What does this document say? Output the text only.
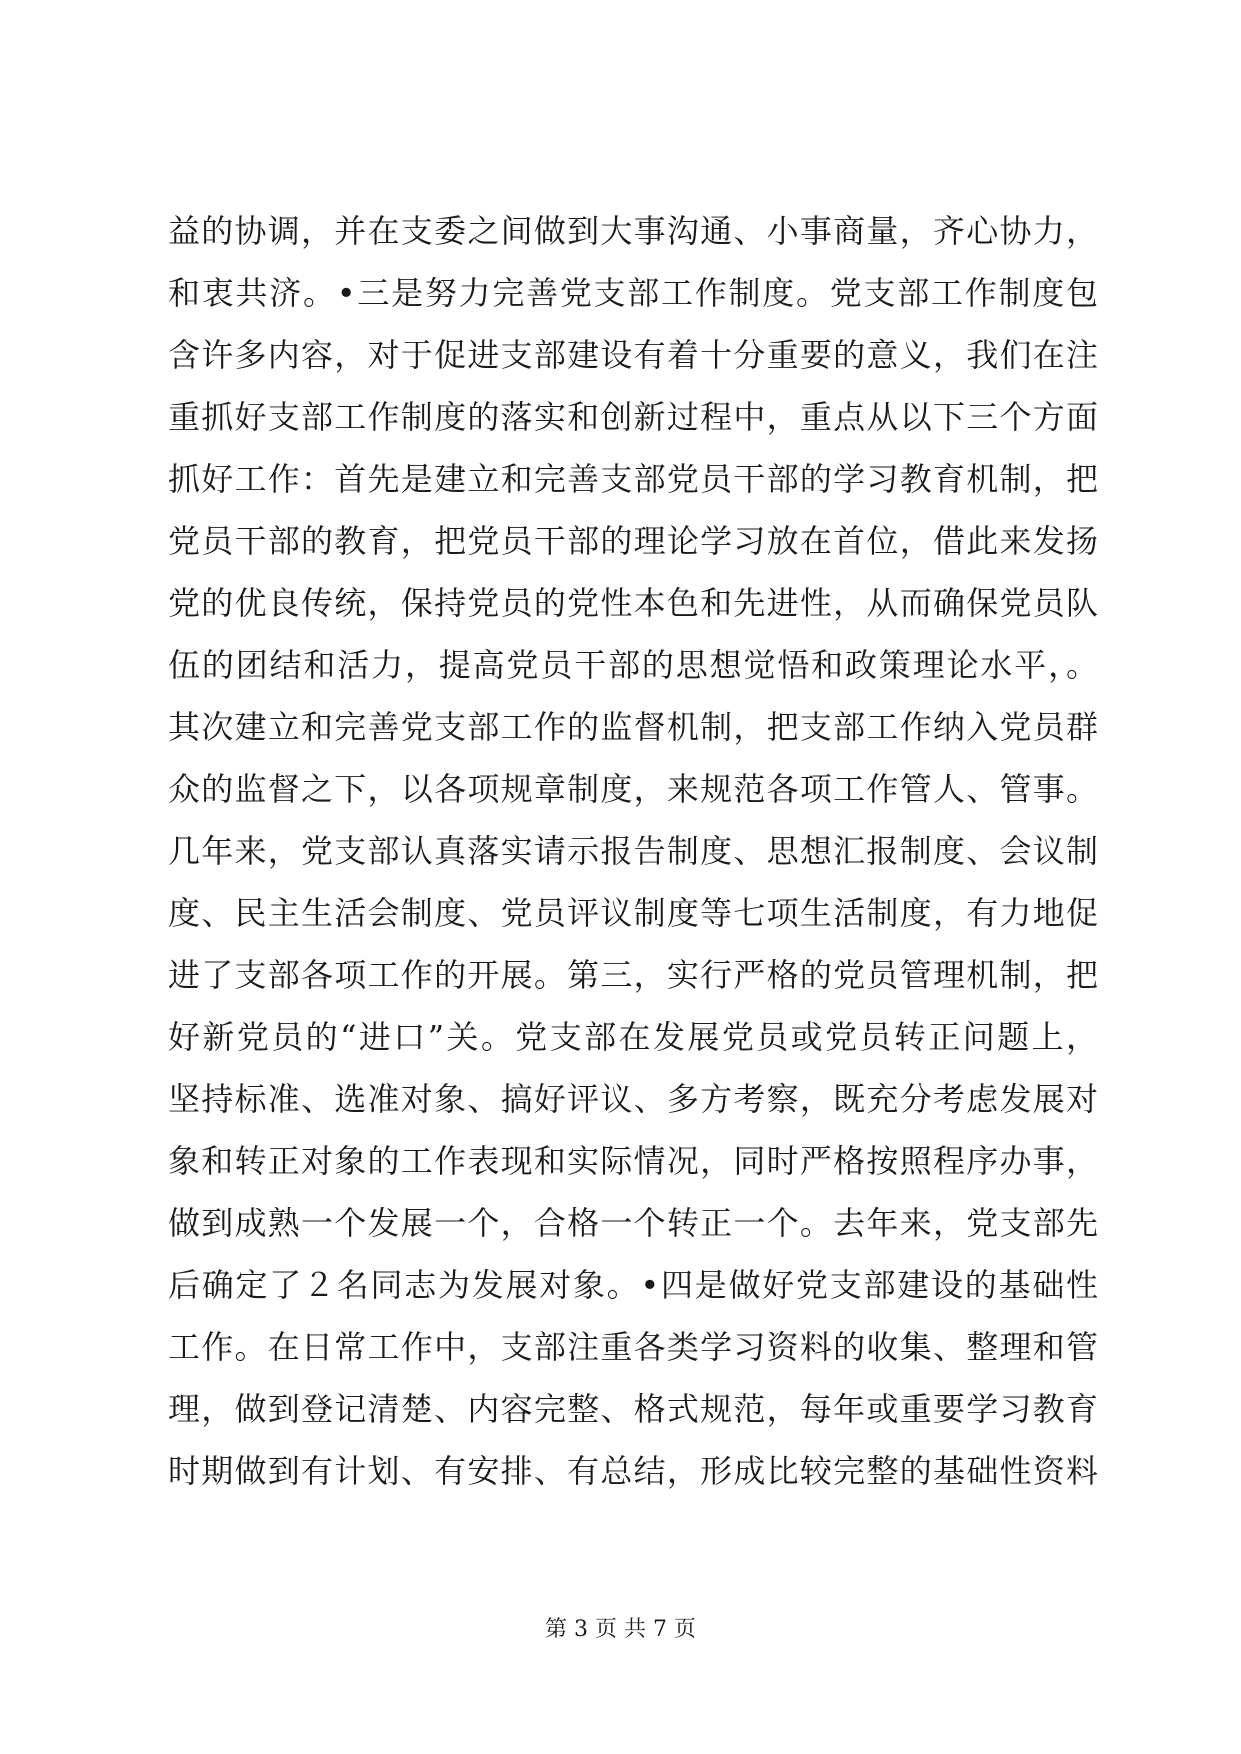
益的协调，并在支委之间做到大事沟通、小事商量，齐心协力，
和衷共济。•三是努力完善党支部工作制度。党支部工作制度包
含许多内容，对于促进支部建设有着十分重要的意义，我们在注
重抓好支部工作制度的落实和创新过程中，重点从以下三个方面
抓好工作：首先是建立和完善支部党员干部的学习教育机制，把
党员干部的教育，把党员干部的理论学习放在首位，借此来发扬
党的优良传统，保持党员的党性本色和先进性，从而确保党员队
伍的团结和活力，提高党员干部的思想觉悟和政策理论水平，。
其次建立和完善党支部工作的监督机制，把支部工作纳入党员群
众的监督之下，以各项规章制度，来规范各项工作管人、管事。
几年来，党支部认真落实请示报告制度、思想汇报制度、会议制
度、民主生活会制度、党员评议制度等七项生活制度，有力地促
进了支部各项工作的开展。第三，实行严格的党员管理机制，把
好新党员的“进口”关。党支部在发展党员或党员转正问题上，
坚持标准、选准对象、搞好评议、多方考察，既充分考虑发展对
象和转正对象的工作表现和实际情况，同时严格按照程序办事，
做到成熟一个发展一个，合格一个转正一个。去年来，党支部先
后确定了２名同志为发展对象。•四是做好党支部建设的基础性
工作。在日常工作中，支部注重各类学习资料的收集、整理和管
理，做到登记清楚、内容完整、格式规范，每年或重要学习教育
时期做到有计划、有安排、有总结，形成比较完整的基础性资料
第 3 页 共 7 页
